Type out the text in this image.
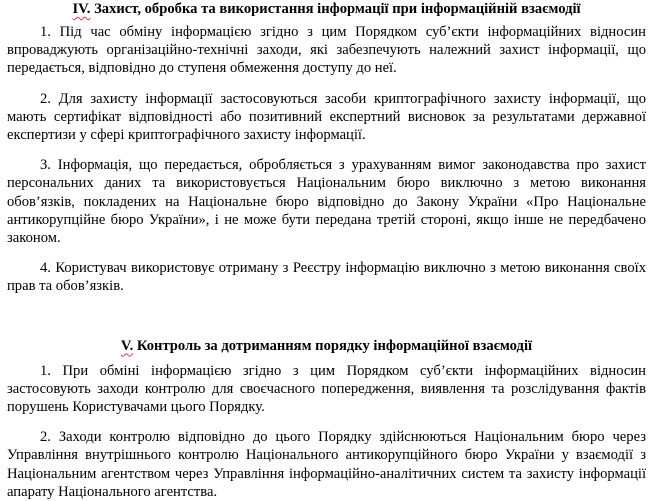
IV. Захист, обробка та використання інформації при інформаційній взаємодії

1. Під час обміну інформацією згідно з цим Порядком суб’єкти інформаційних відносин впроваджують організаційно-технічні заходи, які забезпечують належний захист інформації, що передається, відповідно до ступеня обмеження доступу до неї.

2. Для захисту інформації застосовуються засоби криптографічного захисту інформації, що мають сертифікат відповідності або позитивний експертний висновок за результатами державної експертизи у сфері криптографічного захисту інформації.

3. Інформація, що передається, обробляється з урахуванням вимог законодавства про захист персональних даних та використовується Національним бюро виключно з метою виконання обов’язків, покладених на Національне бюро відповідно до Закону України «Про Національне антикорупційне бюро України», і не може бути передана третій стороні, якщо інше не передбачено законом.

4. Користувач використовує отриману з Реєстру інформацію виключно з метою виконання своїх прав та обов’язків.

V. Контроль за дотриманням порядку інформаційної взаємодії

1. При обміні інформацією згідно з цим Порядком суб’єкти інформаційних відносин застосовують заходи контролю для своєчасного попередження, виявлення та розслідування фактів порушень Користувачами цього Порядку.

2. Заходи контролю відповідно до цього Порядку здійснюються Національним бюро через Управління внутрішнього контролю Національного антикорупційного бюро України у взаємодії з Національним агентством через Управління інформаційно-аналітичних систем та захисту інформації апарату Національного агентства.
